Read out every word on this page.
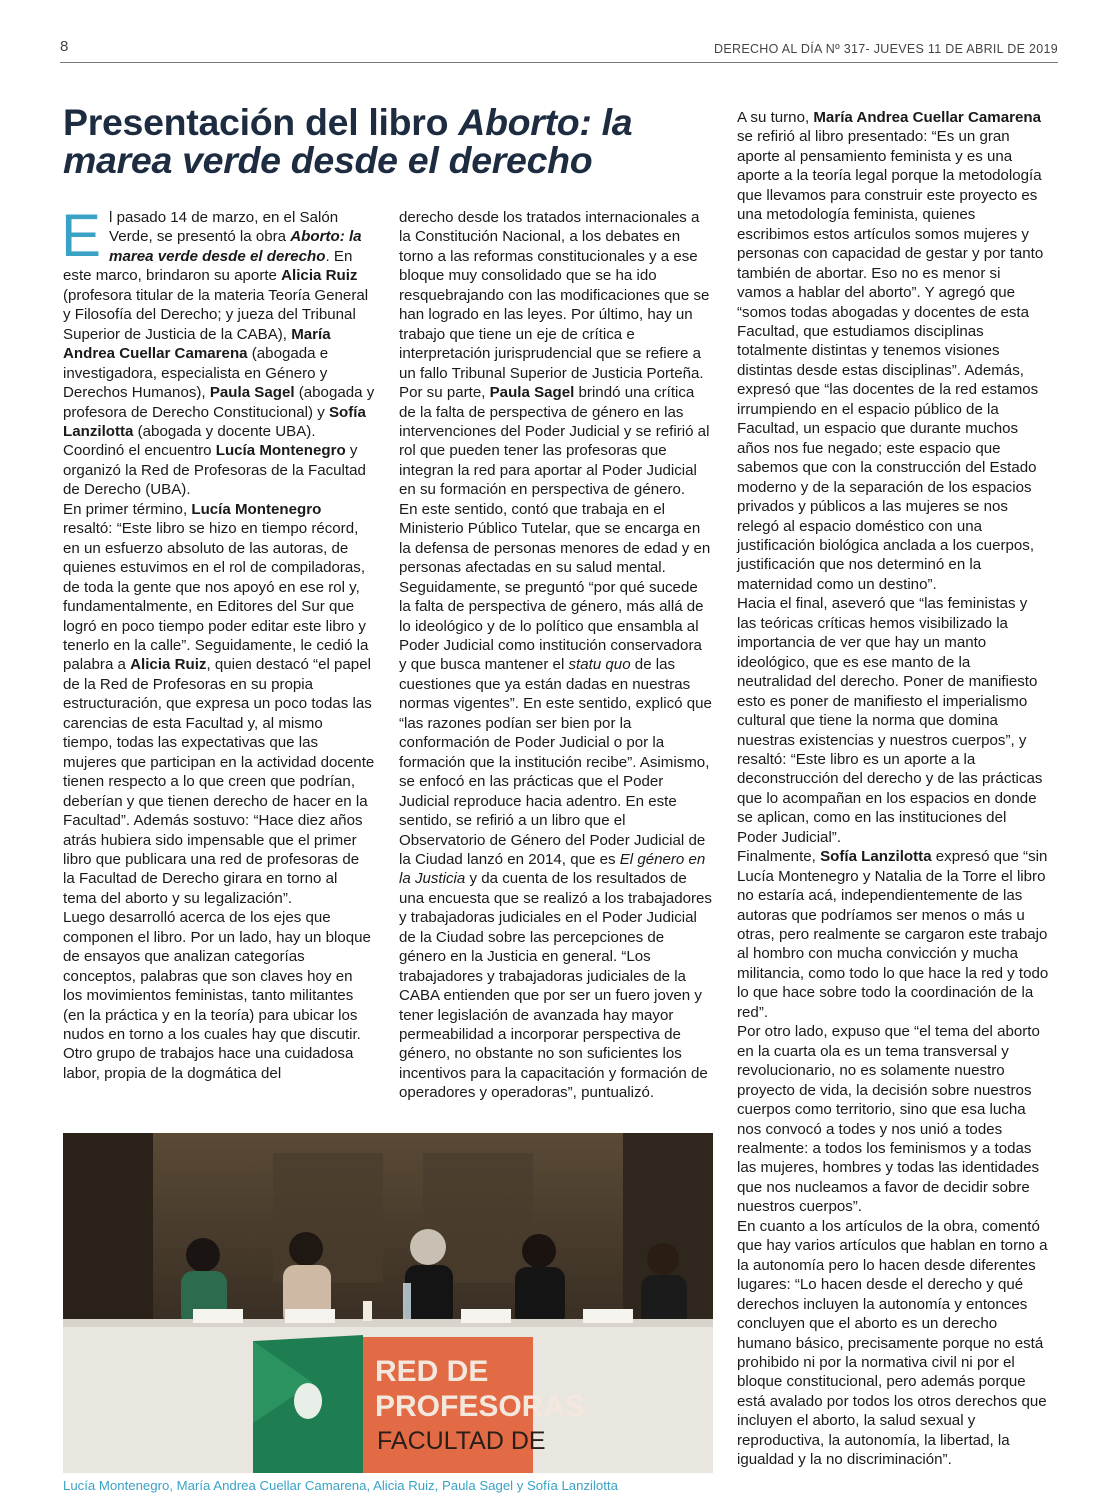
8	DERECHO AL DÍA Nº 317- JUEVES 11 DE ABRIL DE 2019
Presentación del libro Aborto: la marea verde desde el derecho

El pasado 14 de marzo, en el Salón Verde, se presentó la obra Aborto: la marea verde desde el derecho. En este marco, brindaron su aporte Alicia Ruiz (profesora titular de la materia Teoría General y Filosofía del Derecho; y jueza del Tribunal Superior de Justicia de la CABA), María Andrea Cuellar Camarena (abogada e investigadora, especialista en Género y Derechos Humanos), Paula Sagel (abogada y profesora de Derecho Constitucional) y Sofía Lanzilotta (abogada y docente UBA). Coordinó el encuentro Lucía Montenegro y organizó la Red de Profesoras de la Facultad de Derecho (UBA).

En primer término, Lucía Montenegro resaltó: “Este libro se hizo en tiempo récord, en un esfuerzo absoluto de las autoras, de quienes estuvimos en el rol de compiladoras, de toda la gente que nos apoyó en ese rol y, fundamentalmente, en Editores del Sur que logró en poco tiempo poder editar este libro y tenerlo en la calle”. Seguidamente, le cedió la palabra a Alicia Ruiz, quien destacó “el papel de la Red de Profesoras en su propia estructuración, que expresa un poco todas las carencias de esta Facultad y, al mismo tiempo, todas las expectativas que las mujeres que participan en la actividad docente tienen respecto a lo que creen que podrían, deberían y que tienen derecho de hacer en la Facultad”. Además sostuvo: “Hace diez años atrás hubiera sido impensable que el primer libro que publicara una red de profesoras de la Facultad de Derecho girara en torno al tema del aborto y su legalización”.

Luego desarrolló acerca de los ejes que componen el libro. Por un lado, hay un bloque de ensayos que analizan categorías conceptos, palabras que son claves hoy en los movimientos feministas, tanto militantes (en la práctica y en la teoría) para ubicar los nudos en torno a los cuales hay que discutir. Otro grupo de trabajos hace una cuidadosa labor, propia de la dogmática del

derecho desde los tratados internacionales a la Constitución Nacional, a los debates en torno a las reformas constitucionales y a ese bloque muy consolidado que se ha ido resquebrajando con las modificaciones que se han logrado en las leyes. Por último, hay un trabajo que tiene un eje de crítica e interpretación jurisprudencial que se refiere a un fallo Tribunal Superior de Justicia Porteña.

Por su parte, Paula Sagel brindó una crítica de la falta de perspectiva de género en las intervenciones del Poder Judicial y se refirió al rol que pueden tener las profesoras que integran la red para aportar al Poder Judicial en su formación en perspectiva de género.

En este sentido, contó que trabaja en el Ministerio Público Tutelar, que se encarga en la defensa de personas menores de edad y en personas afectadas en su salud mental. Seguidamente, se preguntó “por qué sucede la falta de perspectiva de género, más allá de lo ideológico y de lo político que ensambla al Poder Judicial como institución conservadora y que busca mantener el statu quo de las cuestiones que ya están dadas en nuestras normas vigentes”. En este sentido, explicó que “las razones podían ser bien por la conformación de Poder Judicial o por la formación que la institución recibe”. Asimismo, se enfocó en las prácticas que el Poder Judicial reproduce hacia adentro. En este sentido, se refirió a un libro que el Observatorio de Género del Poder Judicial de la Ciudad lanzó en 2014, que es El género en la Justicia y da cuenta de los resultados de una encuesta que se realizó a los trabajadores y trabajadoras judiciales en el Poder Judicial de la Ciudad sobre las percepciones de género en la Justicia en general. “Los trabajadores y trabajadoras judiciales de la CABA entienden que por ser un fuero joven y tener legislación de avanzada hay mayor permeabilidad a incorporar perspectiva de género, no obstante no son suficientes los incentivos para la capacitación y formación de operadores y operadoras”, puntualizó.

A su turno, María Andrea Cuellar Camarena se refirió al libro presentado: “Es un gran aporte al pensamiento feminista y es una aporte a la teoría legal porque la metodología que llevamos para construir este proyecto es una metodología feminista, quienes escribimos estos artículos somos mujeres y personas con capacidad de gestar y por tanto también de abortar. Eso no es menor si vamos a hablar del aborto”. Y agregó que “somos todas abogadas y docentes de esta Facultad, que estudiamos disciplinas totalmente distintas y tenemos visiones distintas desde estas disciplinas”. Además, expresó que “las docentes de la red estamos irrumpiendo en el espacio público de la Facultad, un espacio que durante muchos años nos fue negado; este espacio que sabemos que con la construcción del Estado moderno y de la separación de los espacios privados y públicos a las mujeres se nos relegó al espacio doméstico con una justificación biológica anclada a los cuerpos, justificación que nos determinó en la maternidad como un destino”.

Hacia el final, aseveró que “las feministas y las teóricas críticas hemos visibilizado la importancia de ver que hay un manto ideológico, que es ese manto de la neutralidad del derecho. Poner de manifiesto esto es poner de manifiesto el imperialismo cultural que tiene la norma que domina nuestras existencias y nuestros cuerpos”, y resaltó: “Este libro es un aporte a la deconstrucción del derecho y de las prácticas que lo acompañan en los espacios en donde se aplican, como en las instituciones del Poder Judicial”.

Finalmente, Sofía Lanzilotta expresó que “sin Lucía Montenegro y Natalia de la Torre el libro no estaría acá, independientemente de las autoras que podríamos ser menos o más u otras, pero realmente se cargaron este trabajo al hombro con mucha convicción y mucha militancia, como todo lo que hace la red y todo lo que hace sobre todo la coordinación de la red”.

Por otro lado, expuso que “el tema del aborto en la cuarta ola es un tema transversal y revolucionario, no es solamente nuestro proyecto de vida, la decisión sobre nuestros cuerpos como territorio, sino que esa lucha nos convocó a todes y nos unió a todes realmente: a todos los feminismos y a todas las mujeres, hombres y todas las identidades que nos nucleamos a favor de decidir sobre nuestros cuerpos”.

En cuanto a los artículos de la obra, comentó que hay varios artículos que hablan en torno a la autonomía pero lo hacen desde diferentes lugares: “Lo hacen desde el derecho y qué derechos incluyen la autonomía y entonces concluyen que el aborto es un derecho humano básico, precisamente porque no está prohibido ni por la normativa civil ni por el bloque constitucional, pero además porque está avalado por todos los otros derechos que incluyen el aborto, la salud sexual y reproductiva, la autonomía, la libertad, la igualdad y la no discriminación”.

RED DE
PROFESORAS
FACULTAD DE
Lucía Montenegro, María Andrea Cuellar Camarena, Alicia Ruiz, Paula Sagel y Sofía Lanzilotta
